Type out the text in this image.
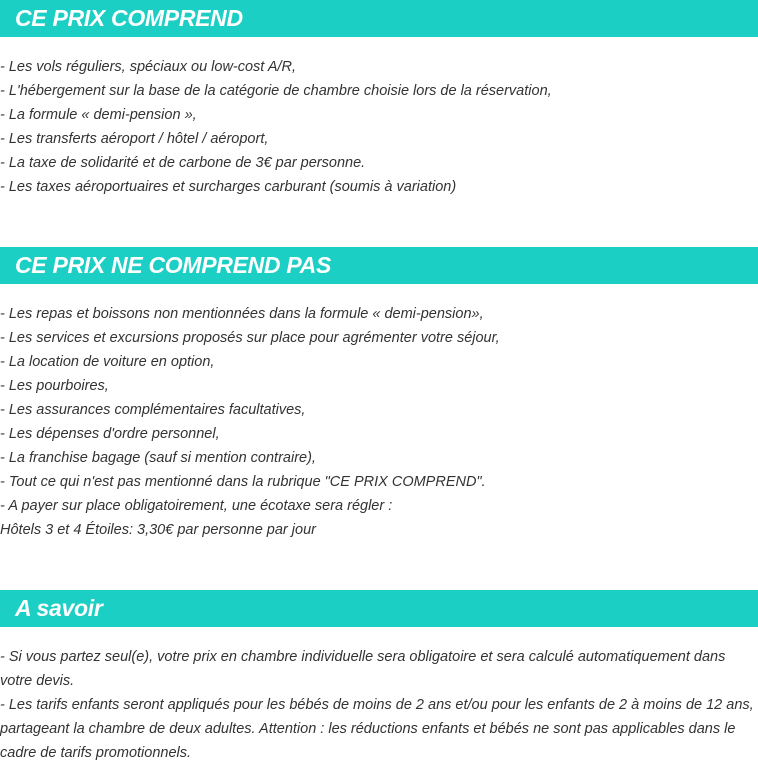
CE PRIX COMPREND
- Les vols réguliers, spéciaux ou low-cost A/R,
- L'hébergement sur la base de la catégorie de chambre choisie lors de la réservation,
- La formule « demi-pension »,
- Les transferts aéroport / hôtel / aéroport,
- La taxe de solidarité et de carbone de 3€ par personne.
- Les taxes aéroportuaires et surcharges carburant (soumis à variation)
CE PRIX NE COMPREND PAS
- Les repas et boissons non mentionnées dans la formule « demi-pension»,
- Les services et excursions proposés sur place pour agrémenter votre séjour,
- La location de voiture en option,
- Les pourboires,
- Les assurances complémentaires facultatives,
- Les dépenses d'ordre personnel,
- La franchise bagage (sauf si mention contraire),
- Tout ce qui n'est pas mentionné dans la rubrique "CE PRIX COMPREND".
- A payer sur place obligatoirement, une écotaxe sera régler :
Hôtels 3 et 4 Étoiles: 3,30€ par personne par jour
A savoir
- Si vous partez seul(e), votre prix en chambre individuelle sera obligatoire et sera calculé automatiquement dans votre devis.
- Les tarifs enfants seront appliqués pour les bébés de moins de 2 ans et/ou pour les enfants de 2 à moins de 12 ans, partageant la chambre de deux adultes. Attention : les réductions enfants et bébés ne sont pas applicables dans le cadre de tarifs promotionnels.
